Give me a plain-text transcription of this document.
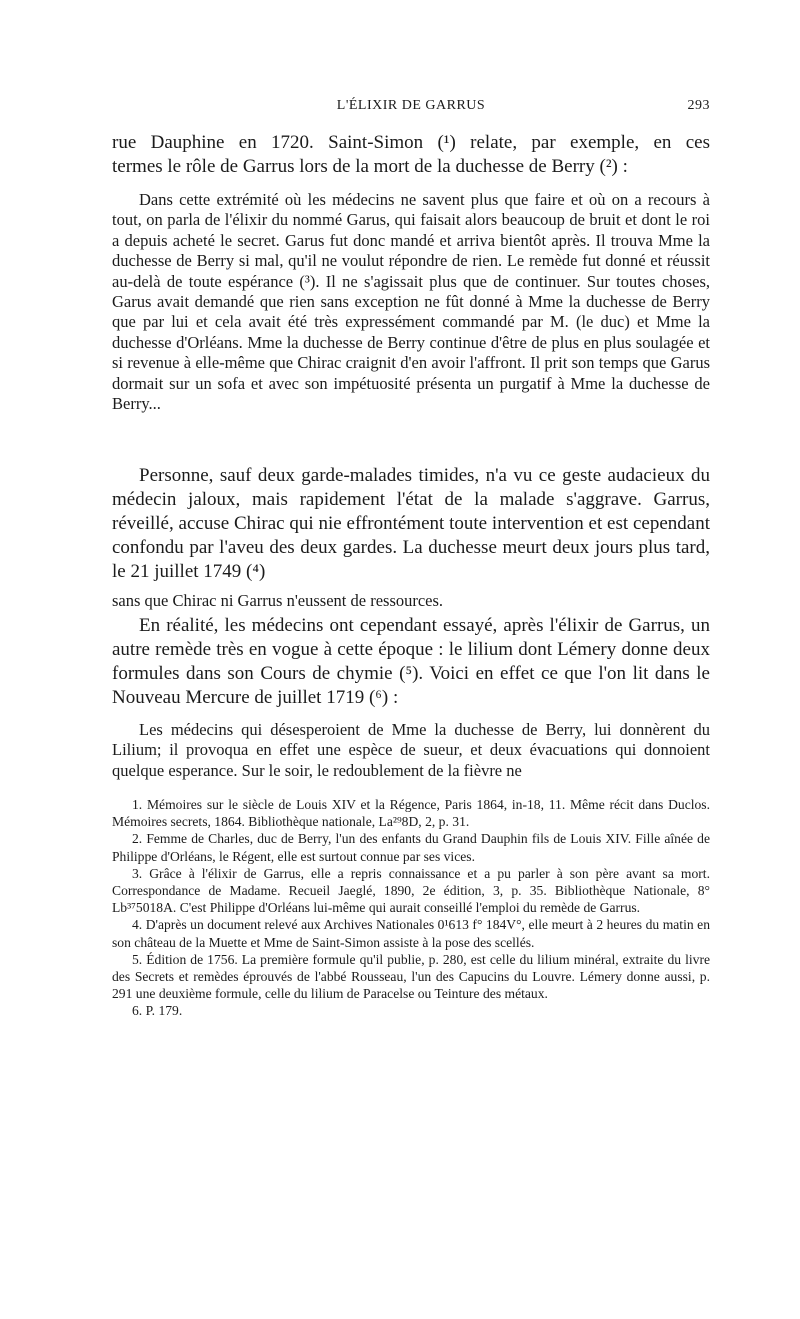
L'ÉLIXIR DE GARRUS	293

rue Dauphine en 1720. Saint-Simon (¹) relate, par exemple, en ces

termes le rôle de Garrus lors de la mort de la duchesse de Berry (²) :

Dans cette extrémité où les médecins ne savent plus que faire et où on a recours à tout, on parla de l'élixir du nommé Garus, qui faisait alors beaucoup de bruit et dont le roi a depuis acheté le secret. Garus fut donc mandé et arriva bientôt après. Il trouva Mme la duchesse de Berry si mal, qu'il ne voulut répondre de rien. Le remède fut donné et réussit au-delà de toute espérance (³). Il ne s'agissait plus que de continuer. Sur toutes choses, Garus avait demandé que rien sans exception ne fût donné à Mme la duchesse de Berry que par lui et cela avait été très expressément commandé par M. (le duc) et Mme la duchesse d'Orléans. Mme la duchesse de Berry continue d'être de plus en plus soulagée et si revenue à elle-même que Chirac craignit d'en avoir l'affront. Il prit son temps que Garus dormait sur un sofa et avec son impétuosité présenta un purgatif à Mme la duchesse de Berry...

Personne, sauf deux garde-malades timides, n'a vu ce geste audacieux du médecin jaloux, mais rapidement l'état de la malade s'aggrave. Garrus, réveillé, accuse Chirac qui nie effrontément toute intervention et est cependant confondu par l'aveu des deux gardes. La duchesse meurt deux jours plus tard, le 21 juillet 1749 (⁴)

sans que Chirac ni Garrus n'eussent de ressources.

En réalité, les médecins ont cependant essayé, après l'élixir de Garrus, un autre remède très en vogue à cette époque : le lilium dont Lémery donne deux formules dans son Cours de chymie (⁵). Voici en effet ce que l'on lit dans le Nouveau Mercure de juillet 1719 (⁶) :

Les médecins qui désesperoient de Mme la duchesse de Berry, lui donnèrent du Lilium; il provoqua en effet une espèce de sueur, et deux évacuations qui donnoient quelque esperance. Sur le soir, le redoublement de la fièvre ne

1. Mémoires sur le siècle de Louis XIV et la Régence, Paris 1864, in-18, 11. Même récit dans Duclos. Mémoires secrets, 1864. Bibliothèque nationale, La²⁹8D, 2, p. 31.

2. Femme de Charles, duc de Berry, l'un des enfants du Grand Dauphin fils de Louis XIV. Fille aînée de Philippe d'Orléans, le Régent, elle est surtout connue par ses vices.

3. Grâce à l'élixir de Garrus, elle a repris connaissance et a pu parler à son père avant sa mort. Correspondance de Madame. Recueil Jaeglé, 1890, 2e édition, 3, p. 35. Bibliothèque Nationale, 8° Lb³⁷5018A. C'est Philippe d'Orléans lui-même qui aurait conseillé l'emploi du remède de Garrus.

4. D'après un document relevé aux Archives Nationales 0¹613 f° 184V°, elle meurt à 2 heures du matin en son château de la Muette et Mme de Saint-Simon assiste à la pose des scellés.

5. Édition de 1756. La première formule qu'il publie, p. 280, est celle du lilium minéral, extraite du livre des Secrets et remèdes éprouvés de l'abbé Rousseau, l'un des Capucins du Louvre. Lémery donne aussi, p. 291 une deuxième formule, celle du lilium de Paracelse ou Teinture des métaux.

6. P. 179.
